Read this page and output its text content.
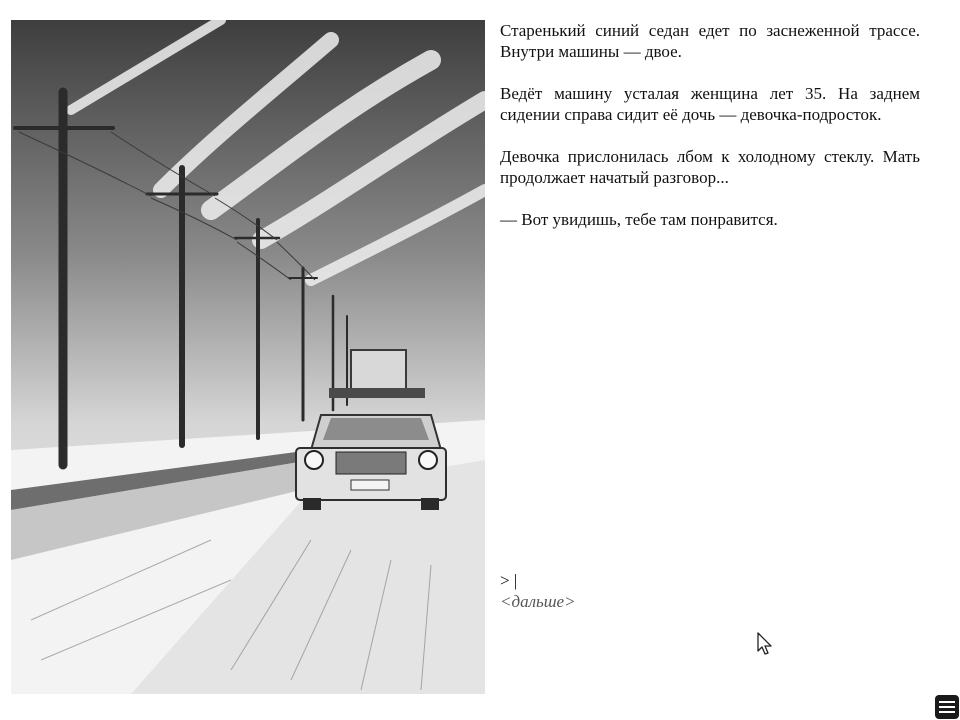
Старенький синий седан едет по заснеженной трассе. Внутри машины — двое.

Ведёт машину усталая женщина лет 35. На заднем сидении справа сидит её дочь — девочка-подросток.

Девочка прислонилась лбом к холодному стеклу. Мать продолжает начатый разговор...

— Вот увидишь, тебе там понравится.

> |
<дальше>
